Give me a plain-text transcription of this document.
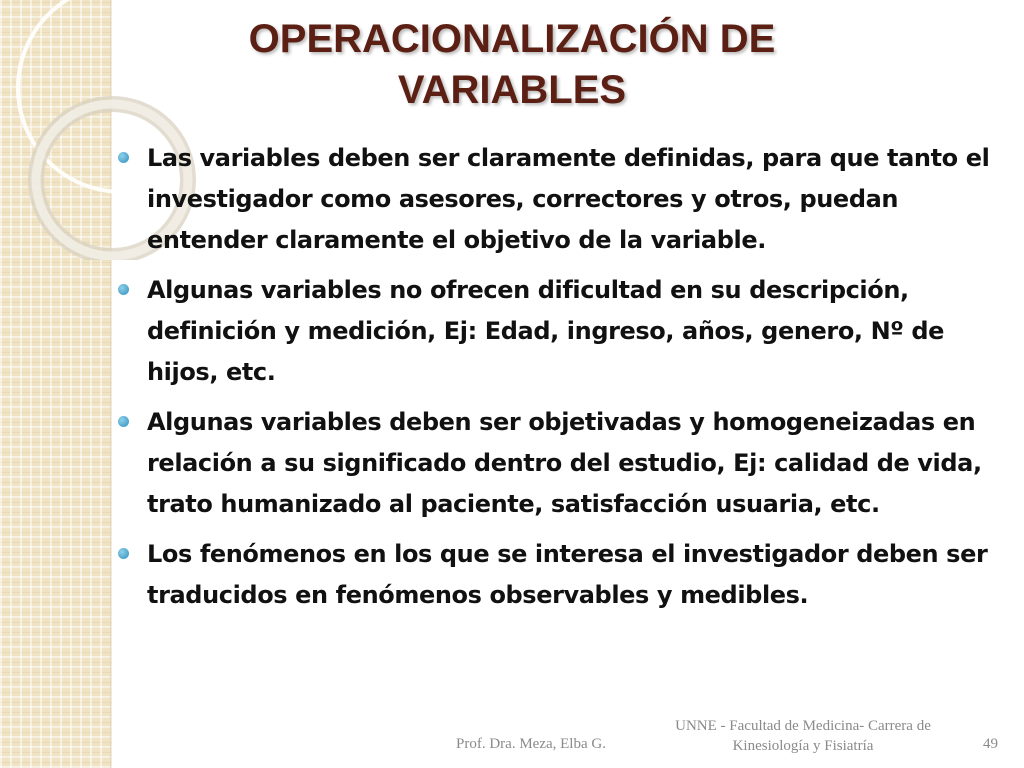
OPERACIONALIZACIÓN DE
VARIABLES
Las variables deben ser claramente definidas, para que tanto el investigador como asesores, correctores y otros, puedan entender claramente el objetivo de la variable.
Algunas variables no ofrecen dificultad en su descripción, definición y medición, Ej: Edad, ingreso, años, genero, Nº de hijos, etc.
Algunas variables deben ser objetivadas y homogeneizadas en relación a su significado dentro del estudio, Ej: calidad de vida, trato humanizado al paciente, satisfacción usuaria, etc.
Los fenómenos en los que se interesa el investigador deben ser traducidos en fenómenos observables y medibles.
Prof. Dra. Meza, Elba G.
UNNE - Facultad de Medicina- Carrera de
Kinesiología y Fisiatría	49
